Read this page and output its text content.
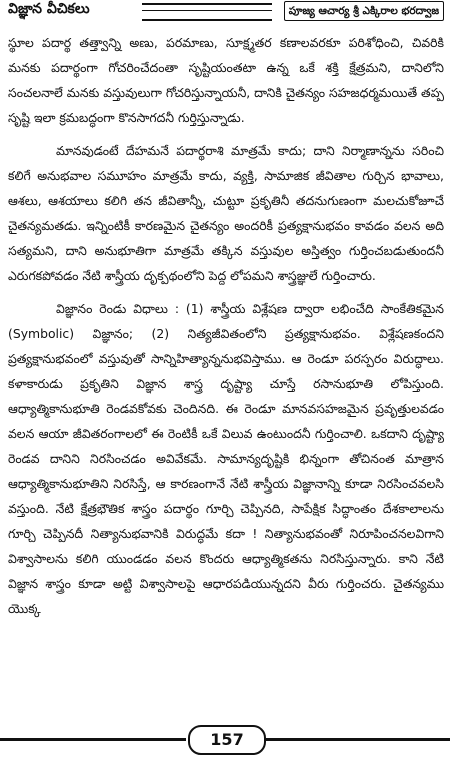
విజ్ఞాన వీచికలు	పూజ్య ఆచార్య శ్రీ ఎక్కిరాల భరద్వాజ

స్థూల పదార్థ తత్త్వాన్ని అణు, పరమాణు, సూక్ష్మతర కణాలవరకూ పరిశోధించి, చివరికి మనకు పదార్థంగా గోచరించేదంతా సృష్టియంతటా ఉన్న ఒకే శక్తి క్షేత్రమని, దానిలోని సంచలనాలే మనకు వస్తువులుగా గోచరిస్తున్నాయనీ, దానికి చైతన్యం సహజధర్మమయితే తప్ప సృష్టి ఇలా క్రమబద్ధంగా కొనసాగదనీ గుర్తిస్తున్నాడు.

మానవుడంటే దేహమనే పదార్థరాశి మాత్రమే కాదు; దాని నిర్మాణాన్నను సరించి కలిగే అనుభవాల సమూహం మాత్రమే కాదు, వ్యక్తి, సామాజిక జీవితాల గుర్చిన భావాలు, ఆశలు, ఆశయాలు కలిగి తన జీవితాన్నీ, చుట్టూ ప్రకృతినీ తదనుగుణంగా మలచుకోజూచే చైతన్యమతడు. ఇన్నింటికీ కారణమైన చైతన్యం అందరికీ ప్రత్యక్షానుభవం కావడం వలన అది సత్యమని, దాని అనుభూతిగా మాత్రమే తక్కిన వస్తువుల అస్తిత్వం గుర్తించబడుతుందనీ ఎరుగకపోవడం నేటి శాస్త్రీయ దృక్పథంలోని పెద్ద లోపమని శాస్త్రజ్ఞులే గుర్తించారు.

విజ్ఞానం రెండు విధాలు : (1) శాస్త్రీయ విశ్లేషణ ద్వారా లభించేది సాంకేతికమైన (Symbolic) విజ్ఞానం; (2) నిత్యజీవితంలోని ప్రత్యక్షానుభవం. విశ్లేషణకందని ప్రత్యక్షానుభవంలో వస్తువుతో సాన్నిహిత్యాన్ననుభవిస్తాము. ఆ రెండూ పరస్పరం విరుద్ధాలు. కళాకారుడు ప్రకృతిని విజ్ఞాన శాస్త్ర దృష్ట్యా చూస్తే రసానుభూతి లోపిస్తుంది. ఆధ్యాత్మికానుభూతి రెండవకోవకు చెందినది. ఈ రెండూ మానవసహజమైన ప్రవృత్తులవడం వలన ఆయా జీవితరంగాలలో ఈ రెంటికీ ఒకే విలువ ఉంటుందనీ గుర్తించాలి. ఒకదాని దృష్ట్యా రెండవ దానిని నిరసించడం అవివేకమే. సామాన్యదృష్టికి భిన్నంగా తోచినంత మాత్రాన ఆధ్యాత్మికానుభూతిని నిరసిస్తే, ఆ కారణంగానే నేటి శాస్త్రీయ విజ్ఞానాన్ని కూడా నిరసించవలసి వస్తుంది. నేటి క్షేత్రభౌతిక శాస్త్రం పదార్థం గూర్చి చెప్పినది, సాపేక్షిక సిద్ధాంతం దేశకాలాలను గూర్చి చెప్పినదీ నిత్యానుభవానికి విరుద్ధమే కదా ! నిత్యానుభవంతో నిరూపించనలవిగాని విశ్వాసాలను కలిగి యుండడం వలన కొందరు ఆధ్యాత్మికతను నిరసిస్తున్నారు. కాని నేటి విజ్ఞాన శాస్త్రం కూడా అట్టి విశ్వాసాలపై ఆధారపడియున్నదని వీరు గుర్తించరు. చైతన్యము యొక్క

157
